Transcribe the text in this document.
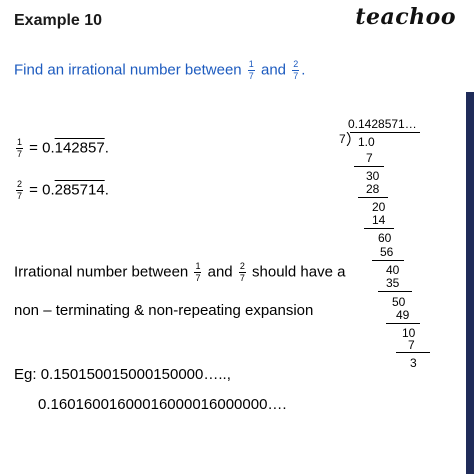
Example 10	teachoo
Find an irrational number between $\frac{1}{7}$ and $\frac{2}{7}$ .
$\frac{1}{7} = 0.142857$.
$\frac{2}{7} = 0.285714$.
Irrational number between $\frac{1}{7}$ and $\frac{2}{7}$ should have a
non – terminating & non-repeating expansion
Eg: 0.150150015000150000…..,
0.16016001600016000016000000….
0.1428571…
7 1.0
7
30
28
20
14
60
56
40
35
50
49
10
7
3
